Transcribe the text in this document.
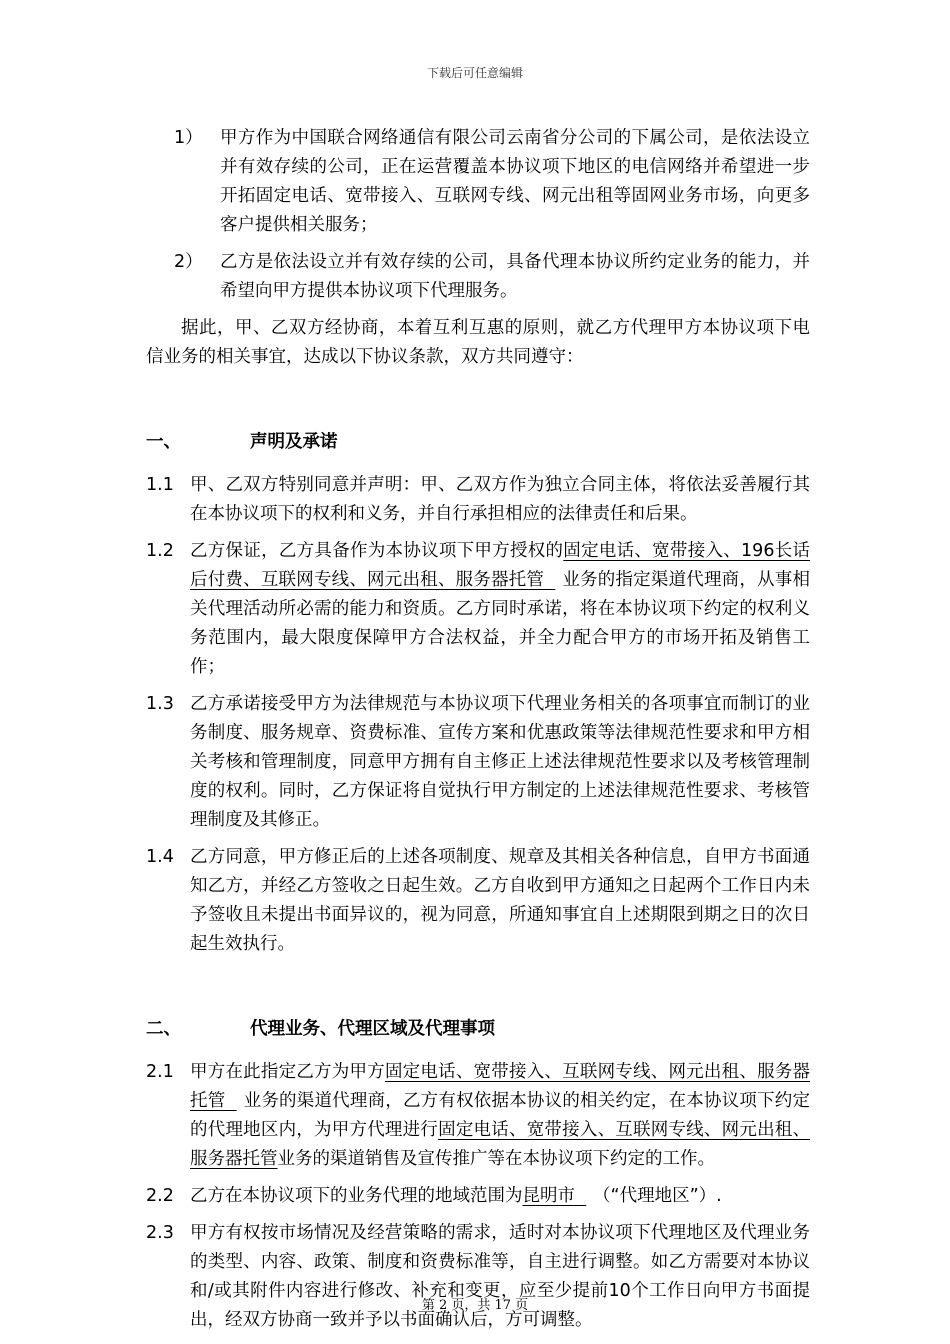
下载后可任意编辑
1） 甲方作为中国联合网络通信有限公司云南省分公司的下属公司，是依法设立并有效存续的公司，正在运营覆盖本协议项下地区的电信网络并希望进一步开拓固定电话、宽带接入、互联网专线、网元出租等固网业务市场，向更多客户提供相关服务；
2） 乙方是依法设立并有效存续的公司，具备代理本协议所约定业务的能力，并希望向甲方提供本协议项下代理服务。

据此，甲、乙双方经协商，本着互利互惠的原则，就乙方代理甲方本协议项下电信业务的相关事宜，达成以下协议条款，双方共同遵守：

一、	声明及承诺
1.1 甲、乙双方特别同意并声明：甲、乙双方作为独立合同主体，将依法妥善履行其在本协议项下的权利和义务，并自行承担相应的法律责任和后果。
1.2 乙方保证，乙方具备作为本协议项下甲方授权的固定电话、宽带接入、196长话后付费、互联网专线、网元出租、服务器托管 业务的指定渠道代理商，从事相关代理活动所必需的能力和资质。乙方同时承诺，将在本协议项下约定的权利义务范围内，最大限度保障甲方合法权益，并全力配合甲方的市场开拓及销售工作；
1.3 乙方承诺接受甲方为法律规范与本协议项下代理业务相关的各项事宜而制订的业务制度、服务规章、资费标准、宣传方案和优惠政策等法律规范性要求和甲方相关考核和管理制度，同意甲方拥有自主修正上述法律规范性要求以及考核管理制度的权利。同时，乙方保证将自觉执行甲方制定的上述法律规范性要求、考核管理制度及其修正。
1.4 乙方同意，甲方修正后的上述各项制度、规章及其相关各种信息，自甲方书面通知乙方，并经乙方签收之日起生效。乙方自收到甲方通知之日起两个工作日内未予签收且未提出书面异议的，视为同意，所通知事宜自上述期限到期之日的次日起生效执行。
二、	代理业务、代理区域及代理事项
2.1 甲方在此指定乙方为甲方固定电话、宽带接入、互联网专线、网元出租、服务器托管 业务的渠道代理商，乙方有权依据本协议的相关约定，在本协议项下约定的代理地区内，为甲方代理进行固定电话、宽带接入、互联网专线、网元出租、服务器托管业务的渠道销售及宣传推广等在本协议项下约定的工作。
2.2 乙方在本协议项下的业务代理的地域范围为昆明市 （“代理地区”）.
2.3 甲方有权按市场情况及经营策略的需求，适时对本协议项下代理地区及代理业务的类型、内容、政策、制度和资费标准等，自主进行调整。如乙方需要对本协议和/或其附件内容进行修改、补充和变更，应至少提前10个工作日向甲方书面提出，经双方协商一致并予以书面确认后，方可调整。
第 2 页，共 17 页
